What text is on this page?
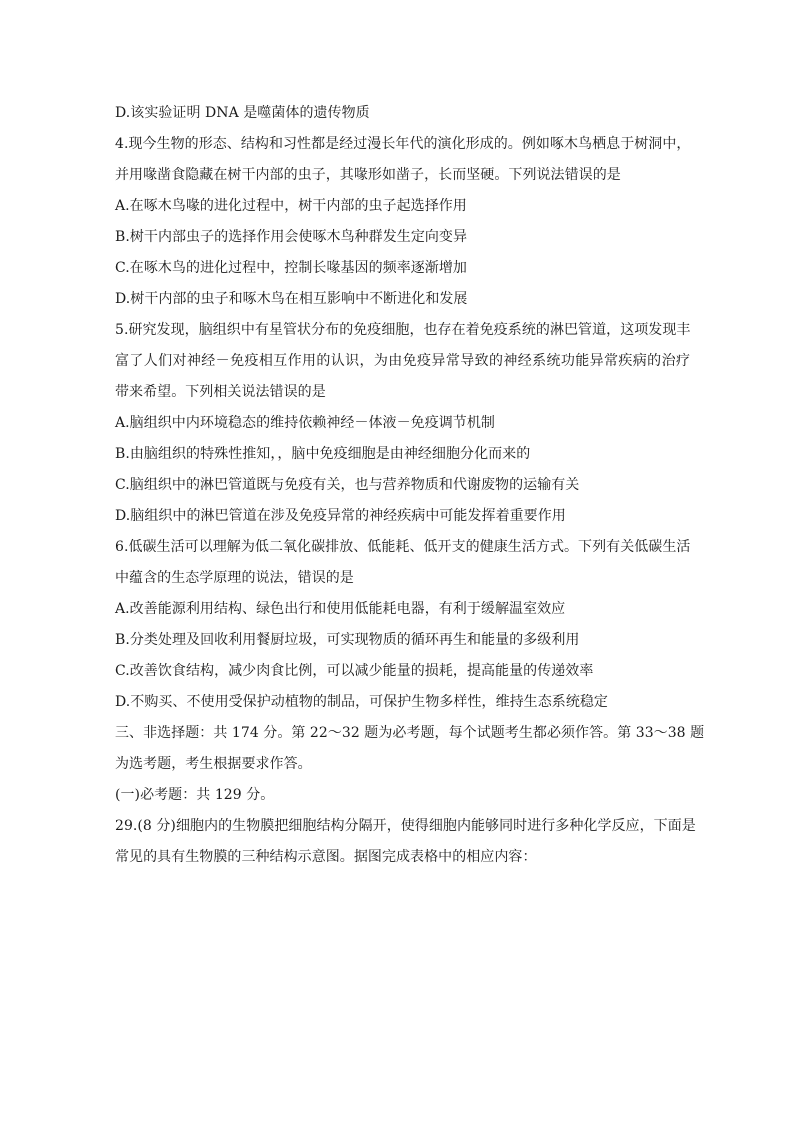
D.该实验证明 DNA 是噬菌体的遗传物质
4.现今生物的形态、结构和习性都是经过漫长年代的演化形成的。例如啄木鸟栖息于树洞中，
并用喙凿食隐藏在树干内部的虫子，其喙形如凿子，长而坚硬。下列说法错误的是
A.在啄木鸟喙的进化过程中，树干内部的虫子起选择作用
B.树干内部虫子的选择作用会使啄木鸟种群发生定向变异
C.在啄木鸟的进化过程中，控制长喙基因的频率逐渐增加
D.树干内部的虫子和啄木鸟在相互影响中不断进化和发展
5.研究发现，脑组织中有星管状分布的免疫细胞，也存在着免疫系统的淋巴管道，这项发现丰
富了人们对神经－免疫相互作用的认识，为由免疫异常导致的神经系统功能异常疾病的治疗
带来希望。下列相关说法错误的是
A.脑组织中内环境稳态的维持依赖神经－体液－免疫调节机制
B.由脑组织的特殊性推知，，脑中免疫细胞是由神经细胞分化而来的
C.脑组织中的淋巴管道既与免疫有关，也与营养物质和代谢废物的运输有关
D.脑组织中的淋巴管道在涉及免疫异常的神经疾病中可能发挥着重要作用
6.低碳生活可以理解为低二氧化碳排放、低能耗、低开支的健康生活方式。下列有关低碳生活
中蕴含的生态学原理的说法，错误的是
A.改善能源利用结构、绿色出行和使用低能耗电器，有利于缓解温室效应
B.分类处理及回收利用餐厨垃圾，可实现物质的循环再生和能量的多级利用
C.改善饮食结构，减少肉食比例，可以减少能量的损耗，提高能量的传递效率
D.不购买、不使用受保护动植物的制品，可保护生物多样性，维持生态系统稳定
三、非选择题：共 174 分。第 22～32 题为必考题，每个试题考生都必须作答。第 33～38 题
为选考题，考生根据要求作答。
(一)必考题：共 129 分。
29.(8 分)细胞内的生物膜把细胞结构分隔开，使得细胞内能够同时进行多种化学反应，下面是
常见的具有生物膜的三种结构示意图。据图完成表格中的相应内容：
